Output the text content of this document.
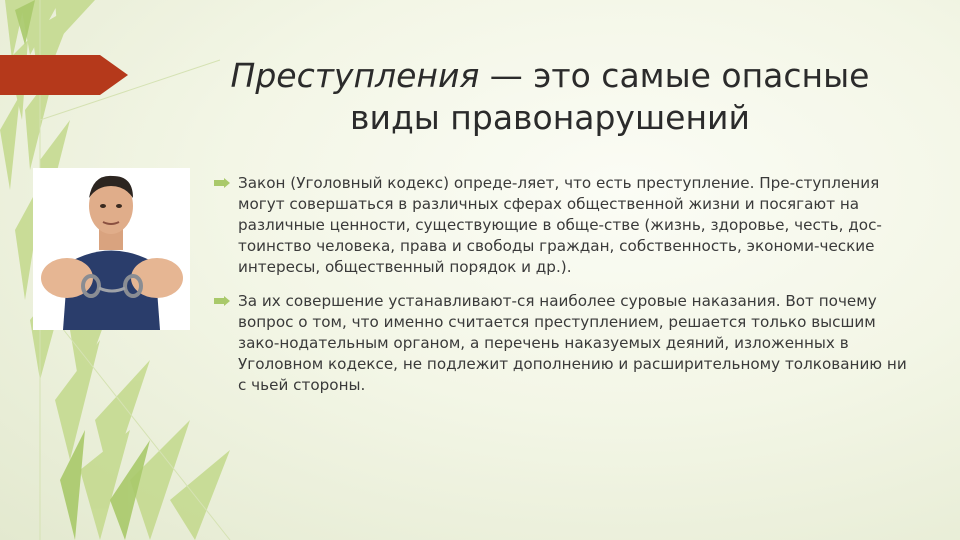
Преступления — это самые опасные виды правонарушений
Закон (Уголовный кодекс) опреде-ляет, что есть преступление. Пре-ступления могут совершаться в различных сферах общественной жизни и посягают на различные ценности, существующие в обще-стве (жизнь, здоровье, честь, дос-тоинство человека, права и свободы граждан, собственность, экономи-ческие интересы, общественный порядок и др.).
За их совершение устанавливают-ся наиболее суровые наказания. Вот почему вопрос о том, что именно считается преступлением, решается только высшим зако-нодательным органом, а перечень наказуемых деяний, изложенных в Уголовном кодексе, не подлежит дополнению и расширительному толкованию ни с чьей стороны.
